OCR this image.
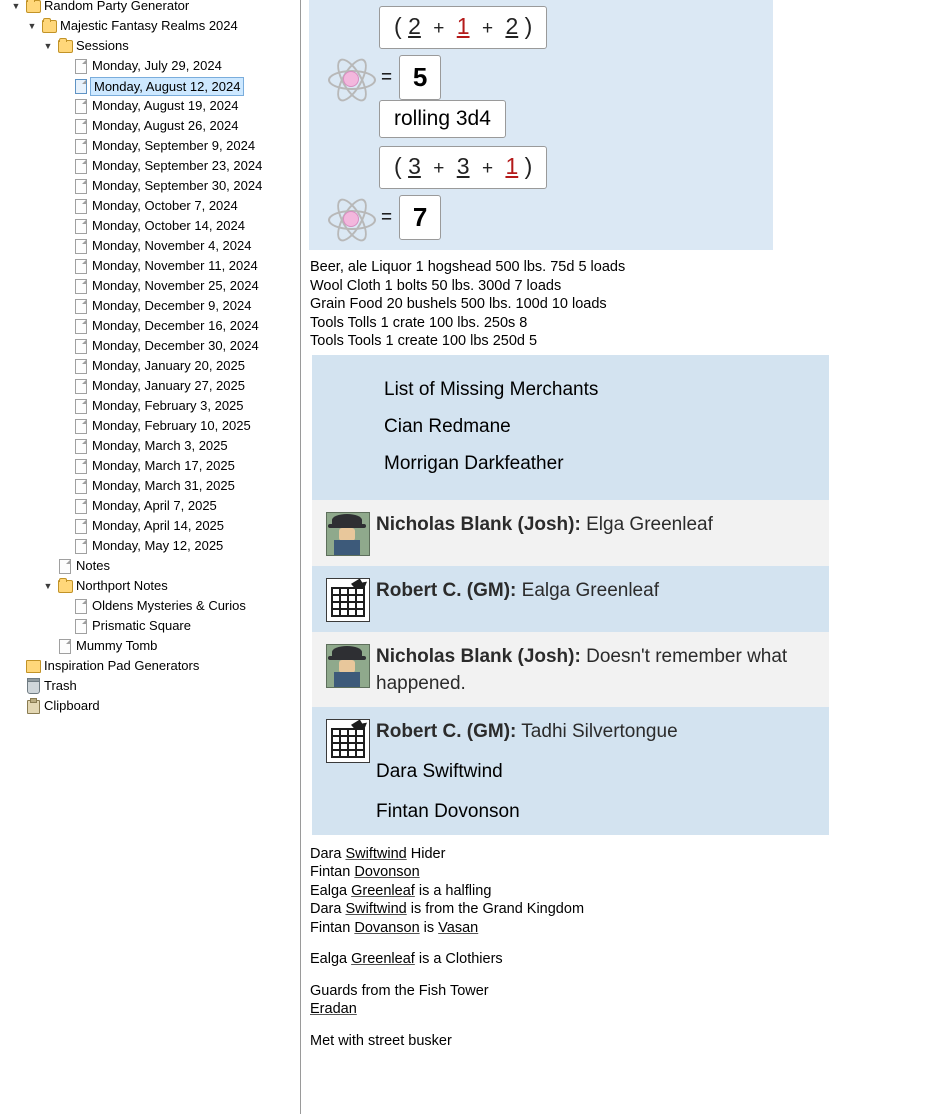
▼ Random Party Generator
▼ Majestic Fantasy Realms 2024
▼ Sessions
Monday, July 29, 2024
Monday, August 12, 2024
Monday, August 19, 2024
Monday, August 26, 2024
Monday, September 9, 2024
Monday, September 23, 2024
Monday, September 30, 2024
Monday, October 7, 2024
Monday, October 14, 2024
Monday, November 4, 2024
Monday, November 11, 2024
Monday, November 25, 2024
Monday, December 9, 2024
Monday, December 16, 2024
Monday, December 30, 2024
Monday, January 20, 2025
Monday, January 27, 2025
Monday, February 3, 2025
Monday, February 10, 2025
Monday, March 3, 2025
Monday, March 17, 2025
Monday, March 31, 2025
Monday, April 7, 2025
Monday, April 14, 2025
Monday, May 12, 2025
Notes
▼ Northport Notes
Oldens Mysteries & Curios
Prismatic Square
Mummy Tomb
Inspiration Pad Generators
Trash
Clipboard
( 2 + 1 + 2 )
= 5
rolling 3d4
( 3 + 3 + 1 )
= 7
Beer, ale Liquor 1 hogshead 500 lbs. 75d 5 loads
Wool Cloth 1 bolts 50 lbs. 300d 7 loads
Grain Food 20 bushels 500 lbs. 100d 10 loads
Tools Tolls 1 crate 100 lbs. 250s 8
Tools Tools 1 create 100 lbs 250d 5
List of Missing Merchants
Cian Redmane
Morrigan Darkfeather
Nicholas Blank (Josh): Elga Greenleaf
Robert C. (GM): Ealga Greenleaf
Nicholas Blank (Josh): Doesn't remember what happened.
Robert C. (GM): Tadhi Silvertongue
Dara Swiftwind
Fintan Dovonson
Dara Swiftwind Hider
Fintan Dovonson
Ealga Greenleaf is a halfling
Dara Swiftwind is from the Grand Kingdom
Fintan Dovanson is Vasan
Ealga Greenleaf is a Clothiers
Guards from the Fish Tower
Eradan
Met with street busker
